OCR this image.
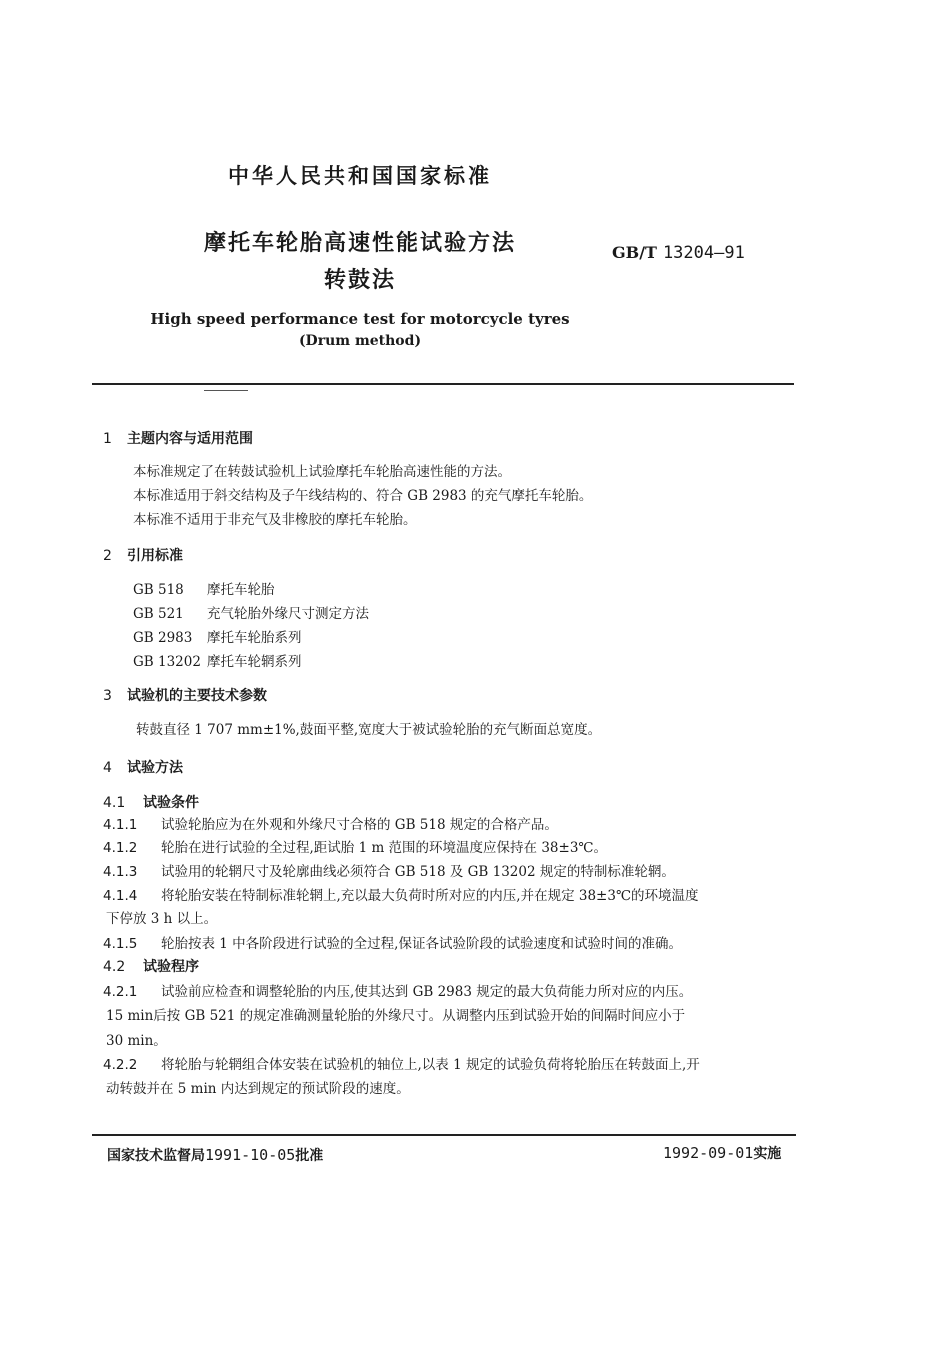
中华人民共和国国家标准
摩托车轮胎高速性能试验方法
转鼓法
GB/T 13204—91
High speed performance test for motorcycle tyres
(Drum method)
1 主题内容与适用范围
本标准规定了在转鼓试验机上试验摩托车轮胎高速性能的方法。
本标准适用于斜交结构及子午线结构的、符合 GB 2983 的充气摩托车轮胎。
本标准不适用于非充气及非橡胶的摩托车轮胎。
2 引用标准
GB 518 摩托车轮胎
GB 521 充气轮胎外缘尺寸测定方法
GB 2983 摩托车轮胎系列
GB 13202 摩托车轮辋系列
3 试验机的主要技术参数
转鼓直径 1 707 mm±1%,鼓面平整,宽度大于被试验轮胎的充气断面总宽度。
4 试验方法
4.1 试验条件
4.1.1 试验轮胎应为在外观和外缘尺寸合格的 GB 518 规定的合格产品。
4.1.2 轮胎在进行试验的全过程,距试胎 1 m 范围的环境温度应保持在 38±3℃。
4.1.3 试验用的轮辋尺寸及轮廓曲线必须符合 GB 518 及 GB 13202 规定的特制标准轮辋。
4.1.4 将轮胎安装在特制标准轮辋上,充以最大负荷时所对应的内压,并在规定 38±3℃的环境温度
下停放 3 h 以上。
4.1.5 轮胎按表 1 中各阶段进行试验的全过程,保证各试验阶段的试验速度和试验时间的准确。
4.2 试验程序
4.2.1 试验前应检查和调整轮胎的内压,使其达到 GB 2983 规定的最大负荷能力所对应的内压。
15 min后按 GB 521 的规定准确测量轮胎的外缘尺寸。从调整内压到试验开始的间隔时间应小于
30 min。
4.2.2 将轮胎与轮辋组合体安装在试验机的轴位上,以表 1 规定的试验负荷将轮胎压在转鼓面上,开
动转鼓并在 5 min 内达到规定的预试阶段的速度。
国家技术监督局1991-10-05批准	1992-09-01实施
